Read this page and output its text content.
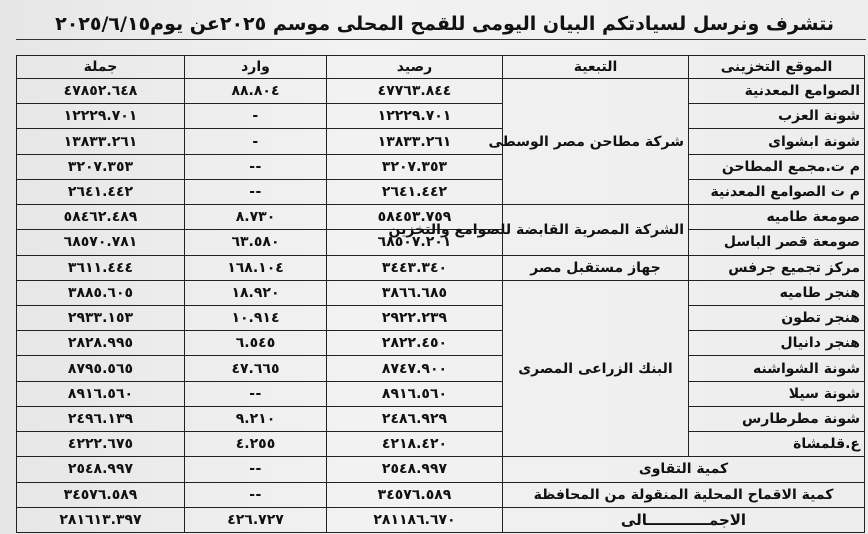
نتشرف ونرسل لسيادتكم البيان اليومى للقمح المحلى موسم ٢٠٢٥عن يوم٢٠٢٥/٦/١٥
الموقع التخزينى	التبعية	رصيد	وارد	جملة
الصوامع المعدنية	شركة مطاحن مصر الوسطى	٤٧٧٦٣.٨٤٤	٨٨.٨٠٤	٤٧٨٥٢.٦٤٨
شونة العزب		١٢٢٢٩.٧٠١	-	١٢٢٢٩.٧٠١
شونة ابشواى		١٣٨٣٣.٢٦١	-	١٣٨٣٣.٢٦١
م ت.مجمع المطاحن		٣٢٠٧.٣٥٣	--	٣٢٠٧.٣٥٣
م ت الصوامع المعدنية		٢٦٤١.٤٤٢	--	٢٦٤١.٤٤٢
صومعة طاميه	الشركة المصرية القابضة للصوامع والتخزين	٥٨٤٥٣.٧٥٩	٨.٧٣٠	٥٨٤٦٢.٤٨٩
صومعة قصر الباسل		٦٨٥٠٧.٢٠١	٦٣.٥٨٠	٦٨٥٧٠.٧٨١
مركز تجميع جرفس	جهاز مستقبل مصر	٣٤٤٣.٣٤٠	١٦٨.١٠٤	٣٦١١.٤٤٤
هنجر طاميه	البنك الزراعى المصرى	٣٨٦٦.٦٨٥	١٨.٩٢٠	٣٨٨٥.٦٠٥
هنجر تطون		٢٩٢٢.٢٣٩	١٠.٩١٤	٢٩٣٣.١٥٣
هنجر دانيال		٢٨٢٢.٤٥٠	٦.٥٤٥	٢٨٢٨.٩٩٥
شونة الشواشنه		٨٧٤٧.٩٠٠	٤٧.٦٦٥	٨٧٩٥.٥٦٥
شونة سيلا		٨٩١٦.٥٦٠	--	٨٩١٦.٥٦٠
شونة مطرطارس		٢٤٨٦.٩٢٩	٩.٢١٠	٢٤٩٦.١٣٩
ع.قلمشاة		٤٢١٨.٤٢٠	٤.٢٥٥	٤٢٢٢.٦٧٥
كمية التقاوى		٢٥٤٨.٩٩٧	--	٢٥٤٨.٩٩٧
كمية الاقماح المحلية المنقولة من المحافظة		٣٤٥٧٦.٥٨٩	--	٣٤٥٧٦.٥٨٩
الاجمــــــــــــالى		٢٨١١٨٦.٦٧٠	٤٢٦.٧٢٧	٢٨١٦١٣.٣٩٧
